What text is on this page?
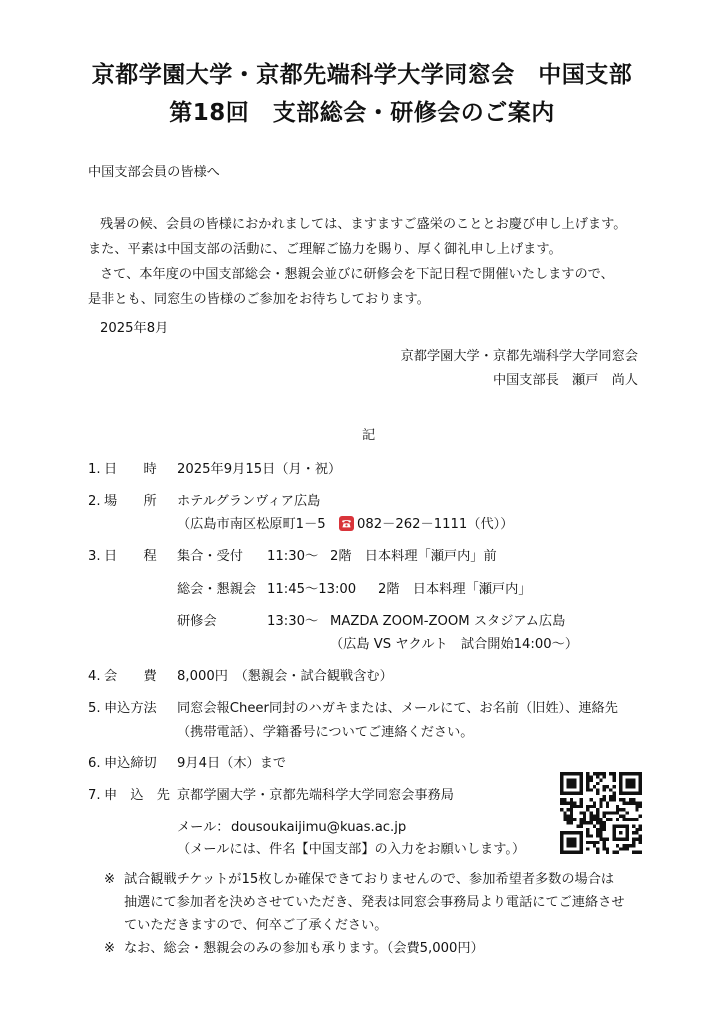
京都学園大学・京都先端科学大学同窓会　中国支部
第18回　支部総会・研修会のご案内
中国支部会員の皆様へ
残暑の候、会員の皆様におかれましては、ますますご盛栄のこととお慶び申し上げます。
また、平素は中国支部の活動に、ご理解ご協力を賜り、厚く御礼申し上げます。
さて、本年度の中国支部総会・懇親会並びに研修会を下記日程で開催いたしますので、
是非とも、同窓生の皆様のご参加をお待ちしております。
2025年8月
京都学園大学・京都先端科学大学同窓会
中国支部長　瀬戸　尚人
記
1. 日　　時 2025年9月15日（月・祝）
2. 場　　所 ホテルグランヴィア広島
（広島市南区松原町1－5 082－262－1111（代））
3. 日　　程 集合・受付 11:30～ 2階　日本料理「瀬戸内」前
総会・懇親会 11:45～13:00 2階　日本料理「瀬戸内」
研修会	13:30～ MAZDA ZOOM-ZOOM スタジアム広島
（広島 VS ヤクルト　試合開始14:00～）
4. 会　　費 8,000円　（懇親会・試合観戦含む）
5. 申込方法 同窓会報Cheer同封のハガキまたは、メールにて、お名前（旧姓）、連絡先
（携帯電話）、学籍番号についてご連絡ください。
6. 申込締切 9月4日（木）まで
7. 申　込　先 京都学園大学・京都先端科学大学同窓会事務局
メール： dousoukaijimu@kuas.ac.jp
（メールには、件名【中国支部】の入力をお願いします。）
※ 試合観戦チケットが15枚しか確保できておりませんので、参加希望者多数の場合は
抽選にて参加者を決めさせていただき、発表は同窓会事務局より電話にてご連絡させ
ていただきますので、何卒ご了承ください。
※ なお、総会・懇親会のみの参加も承ります。（会費5,000円）
